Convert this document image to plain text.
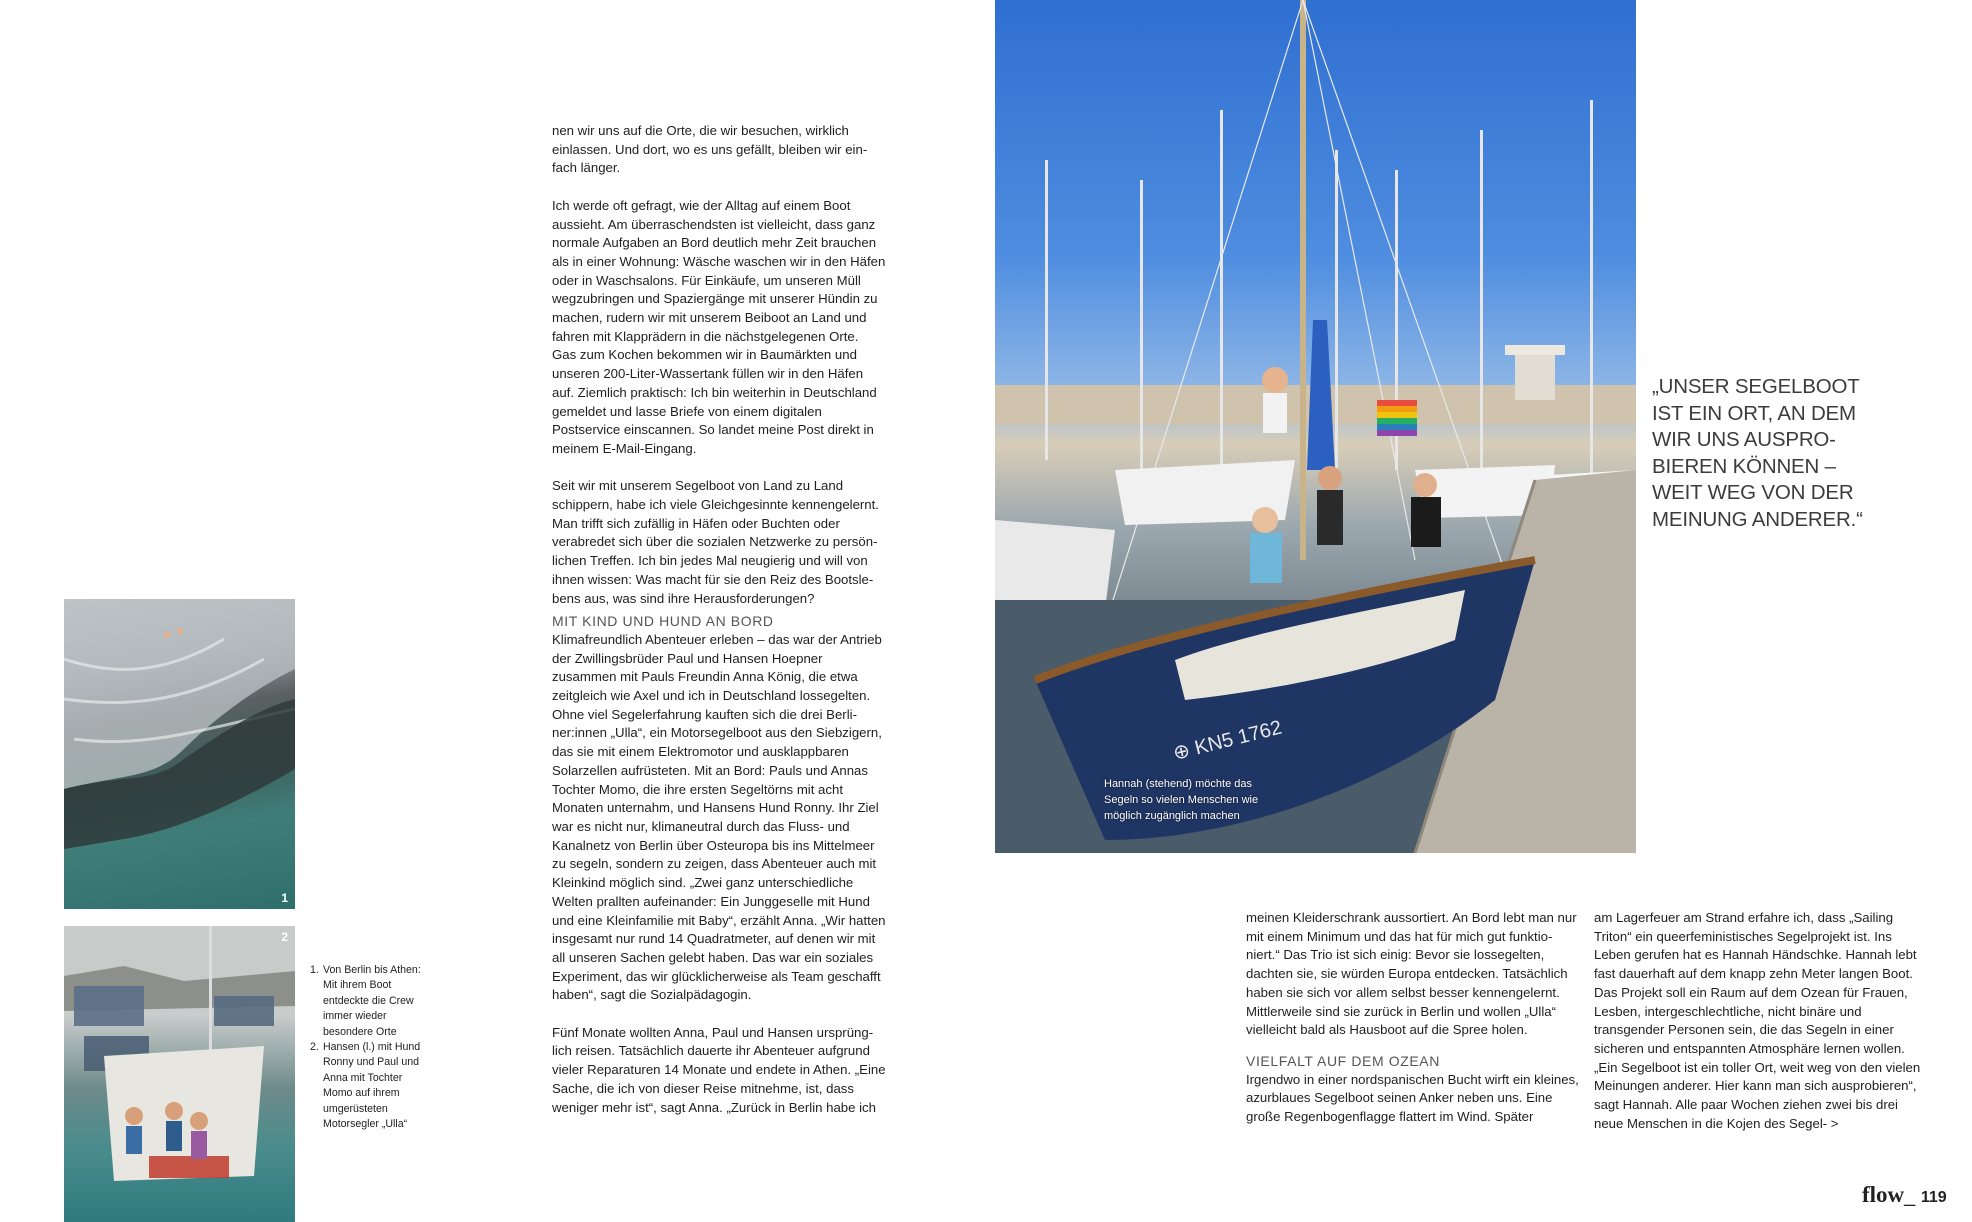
1
2
1. Von Berlin bis Athen: Mit ihrem Boot entdeckte die Crew immer wieder besondere Orte
2. Hansen (l.) mit Hund Ronny und Paul und Anna mit Tochter Momo auf ihrem umgerüsteten Motorsegler „Ulla“

nen wir uns auf die Orte, die wir besuchen, wirklich einlassen. Und dort, wo es uns gefällt, bleiben wir einfach länger.

Ich werde oft gefragt, wie der Alltag auf einem Boot aussieht. Am überraschendsten ist vielleicht, dass ganz normale Aufgaben an Bord deutlich mehr Zeit brauchen als in einer Wohnung: Wäsche waschen wir in den Häfen oder in Waschsalons. Für Einkäufe, um unseren Müll wegzubringen und Spaziergänge mit unserer Hündin zu machen, rudern wir mit unserem Beiboot an Land und fahren mit Klapprädern in die nächstgelegenen Orte. Gas zum Kochen bekommen wir in Baumärkten und unseren 200-Liter-Wassertank füllen wir in den Häfen auf. Ziemlich praktisch: Ich bin weiterhin in Deutschland gemeldet und lasse Briefe von einem digitalen Postservice einscannen. So landet meine Post direkt in meinem E-Mail-Eingang.

Seit wir mit unserem Segelboot von Land zu Land schippern, habe ich viele Gleichgesinnte kennengelernt. Man trifft sich zufällig in Häfen oder Buchten oder verabredet sich über die sozialen Netzwerke zu persönlichen Treffen. Ich bin jedes Mal neugierig und will von ihnen wissen: Was macht für sie den Reiz des Bootslebens aus, was sind ihre Herausforderungen?

MIT KIND UND HUND AN BORD

Klimafreundlich Abenteuer erleben – das war der Antrieb der Zwillingsbrüder Paul und Hansen Hoepner zusammen mit Pauls Freundin Anna König, die etwa zeitgleich wie Axel und ich in Deutschland lossegelten. Ohne viel Segelerfahrung kauften sich die drei Berliner:innen „Ulla“, ein Motorsegelboot aus den Siebzigern, das sie mit einem Elektromotor und ausklappbaren Solarzellen aufrüsteten. Mit an Bord: Pauls und Annas Tochter Momo, die ihre ersten Segeltörns mit acht Monaten unternahm, und Hansens Hund Ronny. Ihr Ziel war es nicht nur, klimaneutral durch das Fluss- und Kanalnetz von Berlin über Osteuropa bis ins Mittelmeer zu segeln, sondern zu zeigen, dass Abenteuer auch mit Kleinkind möglich sind. „Zwei ganz unterschiedliche Welten prallten aufeinander: Ein Junggeselle mit Hund und eine Kleinfamilie mit Baby“, erzählt Anna. „Wir hatten insgesamt nur rund 14 Quadratmeter, auf denen wir mit all unseren Sachen gelebt haben. Das war ein soziales Experiment, das wir glücklicherweise als Team geschafft haben“, sagt die Sozialpädagogin.

Fünf Monate wollten Anna, Paul und Hansen ursprünglich reisen. Tatsächlich dauerte ihr Abenteuer aufgrund vieler Reparaturen 14 Monate und endete in Athen. „Eine Sache, die ich von dieser Reise mitnehme, ist, dass weniger mehr ist“, sagt Anna. „Zurück in Berlin habe ich

⊕ KN5 1762
Hannah (stehend) möchte das Segeln so vielen Menschen wie möglich zugänglich machen
„UNSER SEGELBOOT IST EIN ORT, AN DEM WIR UNS AUSPROBIEREN KÖNNEN – WEIT WEG VON DER MEINUNG ANDERER.“

meinen Kleiderschrank aussortiert. An Bord lebt man nur mit einem Minimum und das hat für mich gut funktioniert.“ Das Trio ist sich einig: Bevor sie lossegelten, dachten sie, sie würden Europa entdecken. Tatsächlich haben sie sich vor allem selbst besser kennengelernt. Mittlerweile sind sie zurück in Berlin und wollen „Ulla“ vielleicht bald als Hausboot auf die Spree holen.

VIELFALT AUF DEM OZEAN

Irgendwo in einer nordspanischen Bucht wirft ein kleines, azurblaues Segelboot seinen Anker neben uns. Eine große Regenbogenflagge flattert im Wind. Später

am Lagerfeuer am Strand erfahre ich, dass „Sailing Triton“ ein queerfeministisches Segelprojekt ist. Ins Leben gerufen hat es Hannah Händschke. Hannah lebt fast dauerhaft auf dem knapp zehn Meter langen Boot. Das Projekt soll ein Raum auf dem Ozean für Frauen, Lesben, intergeschlechtliche, nicht binäre und transgender Personen sein, die das Segeln in einer sicheren und entspannten Atmosphäre lernen wollen. „Ein Segelboot ist ein toller Ort, weit weg von den vielen Meinungen anderer. Hier kann man sich ausprobieren“, sagt Hannah. Alle paar Wochen ziehen zwei bis drei neue Menschen in die Kojen des Segel- >

flow_ 119
